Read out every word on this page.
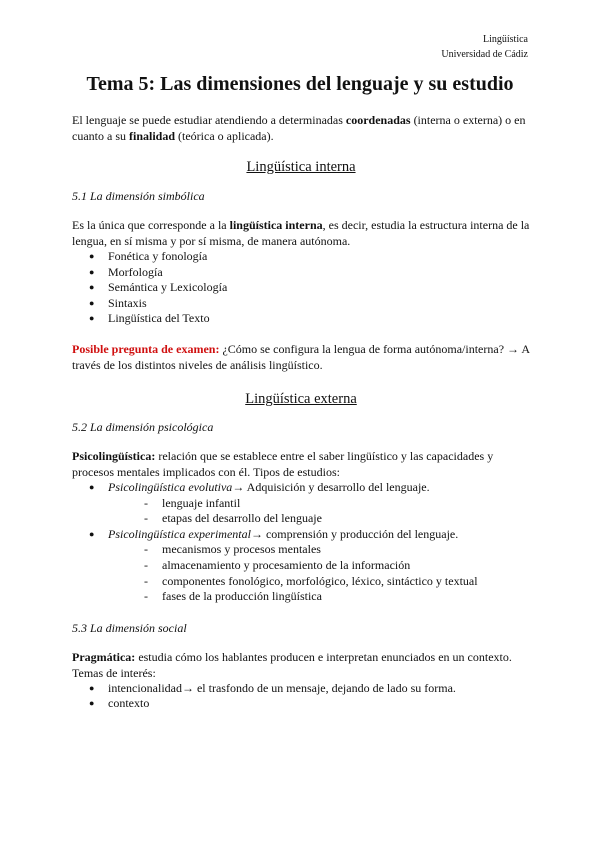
Lingüística
Universidad de Cádiz
Tema 5: Las dimensiones del lenguaje y su estudio

El lenguaje se puede estudiar atendiendo a determinadas coordenadas (interna o externa) o en cuanto a su finalidad (teórica o aplicada).

Lingüística interna

5.1 La dimensión simbólica

Es la única que corresponde a la lingüística interna, es decir, estudia la estructura interna de la lengua, en sí misma y por sí misma, de manera autónoma.

● Fonética y fonología
● Morfología
● Semántica y Lexicología
● Sintaxis
● Lingüística del Texto

Posible pregunta de examen: ¿Cómo se configura la lengua de forma autónoma/interna? → A través de los distintos niveles de análisis lingüístico.

Lingüística externa

5.2 La dimensión psicológica

Psicolingüística: relación que se establece entre el saber lingüístico y las capacidades y procesos mentales implicados con él. Tipos de estudios:

● Psicolingüística evolutiva→ Adquisición y desarrollo del lenguaje.
- lenguaje infantil
- etapas del desarrollo del lenguaje
● Psicolingüística experimental→ comprensión y producción del lenguaje.
- mecanismos y procesos mentales
- almacenamiento y procesamiento de la información
- componentes fonológico, morfológico, léxico, sintáctico y textual
- fases de la producción lingüística

5.3 La dimensión social

Pragmática: estudia cómo los hablantes producen e interpretan enunciados en un contexto. Temas de interés:

● intencionalidad→ el trasfondo de un mensaje, dejando de lado su forma.
● contexto
